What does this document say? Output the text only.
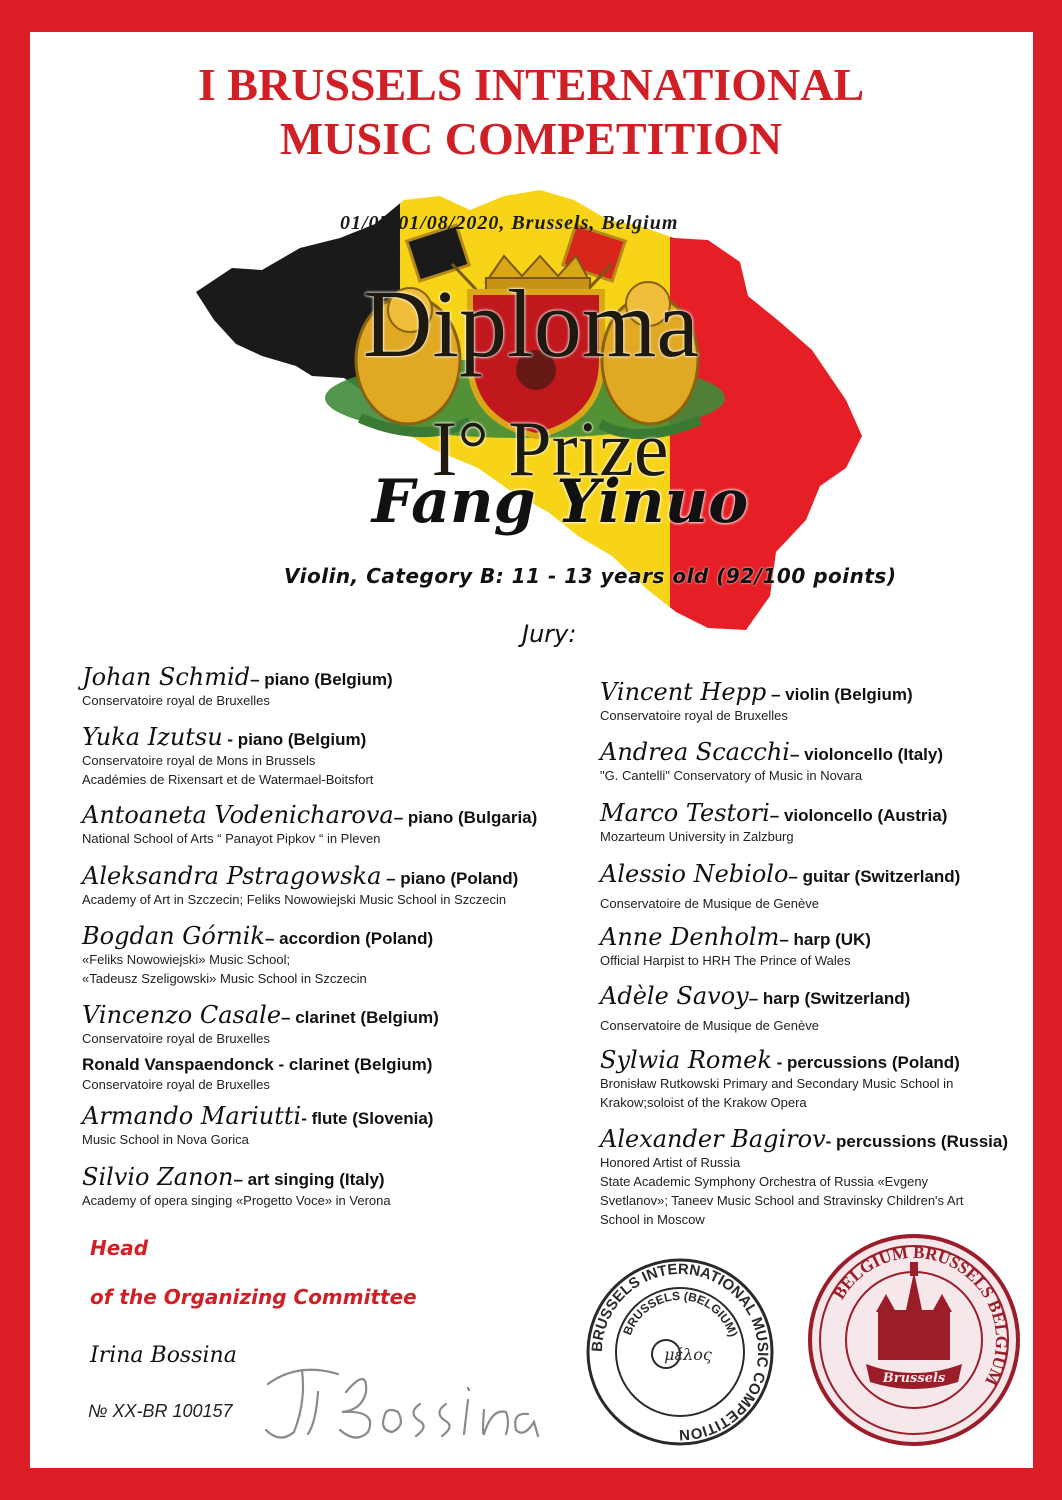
I BRUSSELS INTERNATIONAL
MUSIC COMPETITION
01/07-01/08/2020, Brussels, Belgium
Diploma
I° Prize
Fang Yinuo
Violin, Category B: 11 - 13 years old (92/100 points)
Jury:
Johan Schmid– piano (Belgium)
Conservatoire royal de Bruxelles
Yuka Izutsu - piano (Belgium)
Conservatoire royal de Mons in Brussels
Académies de Rixensart et de Watermael-Boitsfort
Antoaneta Vodenicharova– piano (Bulgaria)
National School of Arts “ Panayot Pipkov “ in Pleven
Aleksandra Pstragowska – piano (Poland)
Academy of Art in Szczecin; Feliks Nowowiejski Music School in Szczecin
Bogdan Górnik– accordion (Poland)
«Feliks Nowowiejski» Music School;
«Tadeusz Szeligowski» Music School in Szczecin
Vincenzo Casale– clarinet (Belgium)
Conservatoire royal de Bruxelles
Ronald Vanspaendonck - clarinet (Belgium)
Conservatoire royal de Bruxelles
Armando Mariutti- flute (Slovenia)
Music School in Nova Gorica
Silvio Zanon– art singing (Italy)
Academy of opera singing «Progetto Voce» in Verona
Vincent Hepp – violin (Belgium)
Conservatoire royal de Bruxelles
Andrea Scacchi– violoncello (Italy)
"G. Cantelli" Conservatory of Music in Novara
Marco Testori– violoncello (Austria)
Mozarteum University in Zalzburg
Alessio Nebiolo– guitar (Switzerland)
Conservatoire de Musique de Genève
Anne Denholm– harp (UK)
Official Harpist to HRH The Prince of Wales
Adèle Savoy– harp (Switzerland)
Conservatoire de Musique de Genève
Sylwia Romek - percussions (Poland)
Bronisław Rutkowski Primary and Secondary Music School in
Krakow;soloist of the Krakow Opera
Alexander Bagirov- percussions (Russia)
Honored Artist of Russia
State Academic Symphony Orchestra of Russia «Evgeny
Svetlanov»; Taneev Music School and Stravinsky Children's Art
School in Moscow
Head
of the Organizing Committee
Irina Bossina
№ XX-BR 100157
BRUSSELS INTERNATIONAL MUSIC COMPETITION
BRUSSELS (BELGIUM)
μέλος
BELGIUM BRUSSELS BELGIUM
Brussels
